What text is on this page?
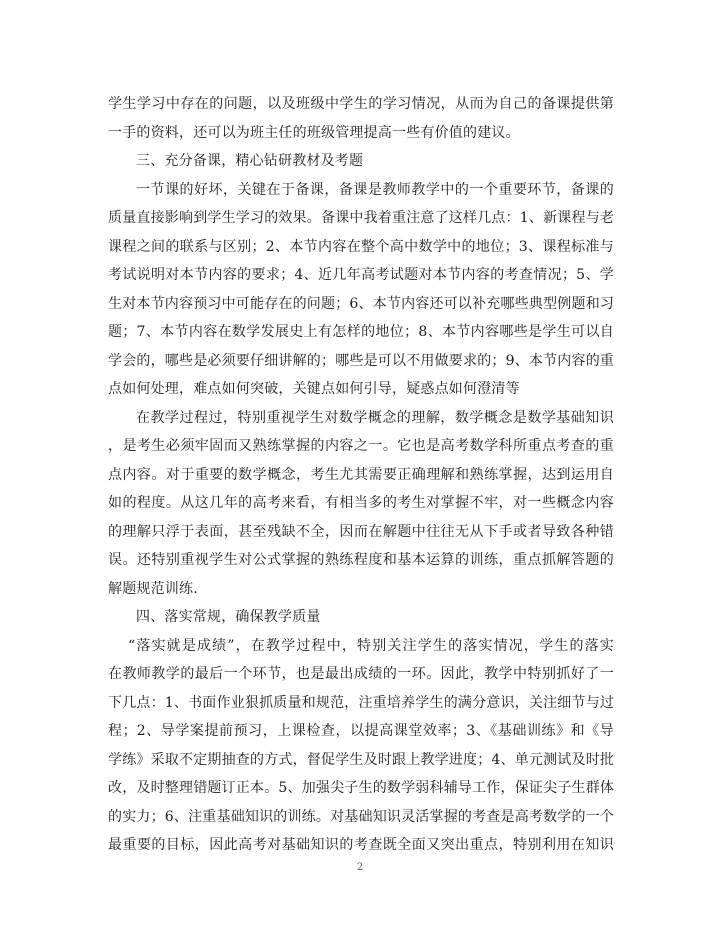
学生学习中存在的问题，以及班级中学生的学习情况，从而为自己的备课提供第
一手的资料，还可以为班主任的班级管理提高一些有价值的建议。
三、充分备课，精心钻研教材及考题
一节课的好坏，关键在于备课，备课是教师教学中的一个重要环节，备课的
质量直接影响到学生学习的效果。备课中我着重注意了这样几点：1、新课程与老
课程之间的联系与区别；2、本节内容在整个高中数学中的地位；3、课程标准与
考试说明对本节内容的要求；4、近几年高考试题对本节内容的考查情况；5、学
生对本节内容预习中可能存在的问题；6、本节内容还可以补充哪些典型例题和习
题；7、本节内容在数学发展史上有怎样的地位；8、本节内容哪些是学生可以自
学会的，哪些是必须要仔细讲解的；哪些是可以不用做要求的；9、本节内容的重
点如何处理，难点如何突破，关键点如何引导，疑惑点如何澄清等
在教学过程过，特别重视学生对数学概念的理解，数学概念是数学基础知识
，是考生必须牢固而又熟练掌握的内容之一。它也是高考数学科所重点考查的重
点内容。对于重要的数学概念，考生尤其需要正确理解和熟练掌握，达到运用自
如的程度。从这几年的高考来看，有相当多的考生对掌握不牢，对一些概念内容
的理解只浮于表面，甚至残缺不全，因而在解题中往往无从下手或者导致各种错
误。还特别重视学生对公式掌握的熟练程度和基本运算的训练，重点抓解答题的
解题规范训练.
四、落实常规，确保教学质量
“落实就是成绩”，在教学过程中，特别关注学生的落实情况，学生的落实
在教师教学的最后一个环节，也是最出成绩的一环。因此，教学中特别抓好了一
下几点：1、书面作业狠抓质量和规范，注重培养学生的满分意识，关注细节与过
程；2、导学案提前预习，上课检查，以提高课堂效率；3、《基础训练》和《导
学练》采取不定期抽查的方式，督促学生及时跟上教学进度；4、单元测试及时批
改，及时整理错题订正本。5、加强尖子生的数学弱科辅导工作，保证尖子生群体
的实力；6、注重基础知识的训练。对基础知识灵活掌握的考查是高考数学的一个
最重要的目标，因此高考对基础知识的考查既全面又突出重点，特别利用在知识
2
